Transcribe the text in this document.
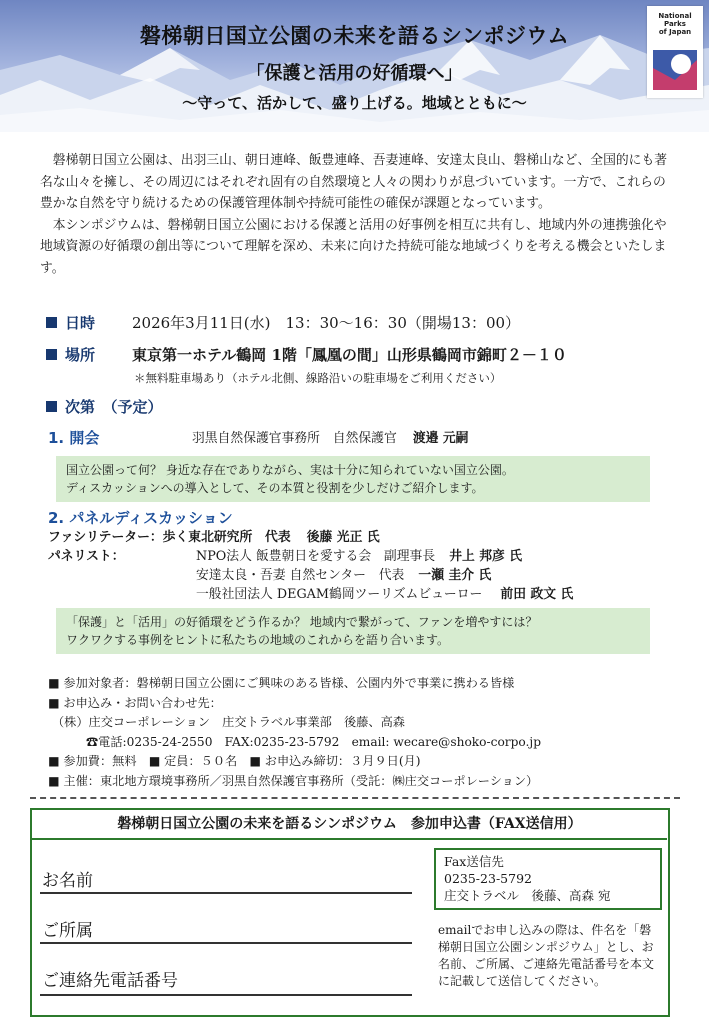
磐梯朝日国立公園の未来を語るシンポジウム
「保護と活用の好循環へ」
～守って、活かして、盛り上げる。地域とともに～
National
Parks
of Japan

磐梯朝日国立公園は、出羽三山、朝日連峰、飯豊連峰、吾妻連峰、安達太良山、磐梯山など、全国的にも著名な山々を擁し、その周辺にはそれぞれ固有の自然環境と人々の関わりが息づいています。一方で、これらの豊かな自然を守り続けるための保護管理体制や持続可能性の確保が課題となっています。

本シンポジウムは、磐梯朝日国立公園における保護と活用の好事例を相互に共有し、地域内外の連携強化や地域資源の好循環の創出等について理解を深め、未来に向けた持続可能な地域づくりを考える機会といたします。

日時 2026年3月11日(水)　13：30～16：30（開場13：00）
場所 東京第一ホテル鶴岡 1階「鳳凰の間」山形県鶴岡市錦町２－１０
＊無料駐車場あり（ホテル北側、線路沿いの駐車場をご利用ください）
次第　（予定）
1. 開会	羽黒自然保護官事務所　自然保護官 渡邉 元嗣
国立公園って何？ 身近な存在でありながら、実は十分に知られていない国立公園。
ディスカッションへの導入として、その本質と役割を少しだけご紹介します。
2. パネルディスカッション
ファシリテーター：歩く東北研究所　代表 後藤 光正 氏
パネリスト：	NPO法人 飯豊朝日を愛する会　副理事長 井上 邦彦 氏
安達太良・吾妻 自然センター　代表 一瀬 圭介 氏
一般社団法人 DEGAM鶴岡ツーリズムビューロー 前田 政文 氏
「保護」と「活用」の好循環をどう作るか？ 地域内で繋がって、ファンを増やすには？
ワクワクする事例をヒントに私たちの地域のこれからを語り合います。
■ 参加対象者：磐梯朝日国立公園にご興味のある皆様、公園内外で事業に携わる皆様
■ お申込み・お問い合わせ先：
（株）庄交コーポレーション　庄交トラベル事業部　後藤、高森
☎電話:0235-24-2550　FAX:0235-23-5792　email: wecare@shoko-corpo.jp
■ 参加費：無料　■ 定員：５０名　■ お申込み締切：３月９日(月)
■ 主催：東北地方環境事務所／羽黒自然保護官事務所（受託：㈱庄交コーポレーション）
磐梯朝日国立公園の未来を語るシンポジウム　参加申込書（FAX送信用）
お名前
ご所属
ご連絡先電話番号
Fax送信先
0235-23-5792
庄交トラベル　後藤、高森 宛
emailでお申し込みの際は、件名を「磐梯朝日国立公園シンポジウム」とし、お名前、ご所属、ご連絡先電話番号を本文に記載して送信してください。
